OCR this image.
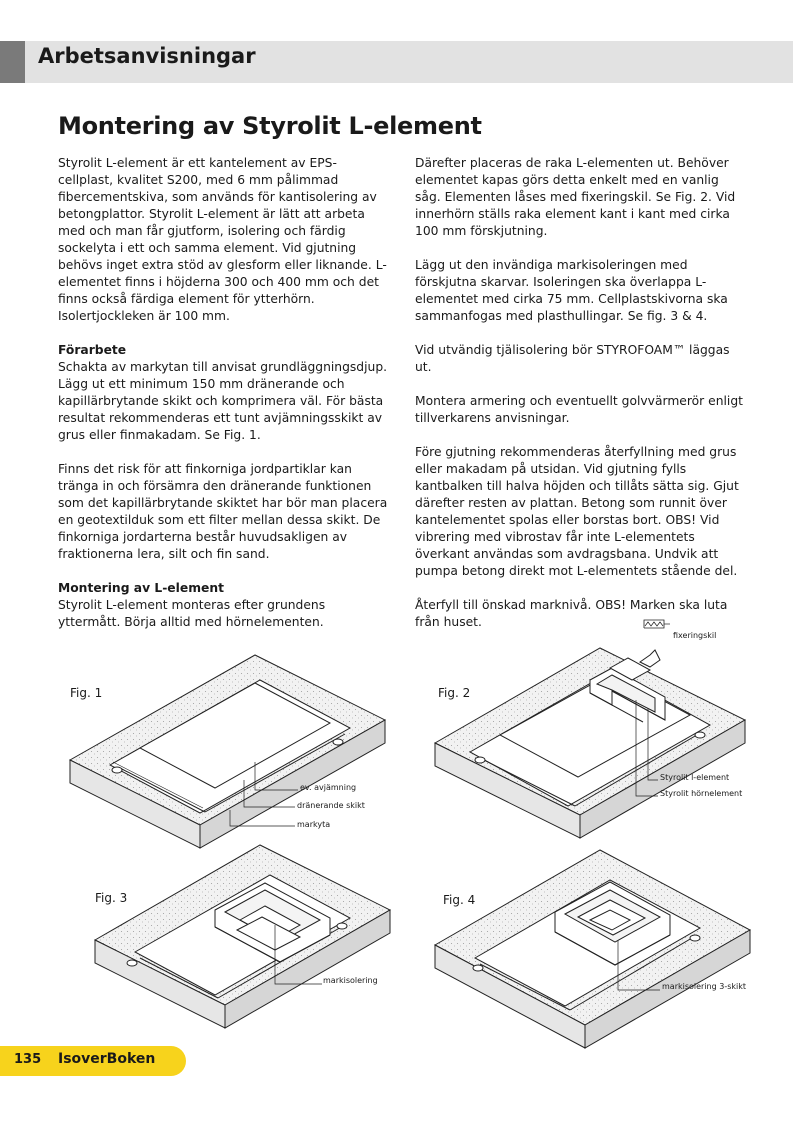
Arbetsanvisningar
Montering av Styrolit L-element

Styrolit L-element är ett kantelement av EPS-cellplast, kvalitet S200, med 6 mm pålimmad fibercementskiva, som används för kantisolering av betongplattor. Styrolit L-element är lätt att arbeta med och man får gjutform, isolering och färdig sockelyta i ett och samma element. Vid gjutning behövs inget extra stöd av glesform eller liknande. L-elementet finns i höjderna 300 och 400 mm och det finns också färdiga element för ytterhörn. Isolertjockleken är 100 mm.

Förarbete
Schakta av markytan till anvisat grundläggningsdjup. Lägg ut ett minimum 150 mm dränerande och kapillärbrytande skikt och komprimera väl. För bästa resultat rekommenderas ett tunt avjämningsskikt av grus eller finmakadam. Se Fig. 1.

Finns det risk för att finkorniga jordpartiklar kan tränga in och försämra den dränerande funktionen som det kapillärbrytande skiktet har bör man placera en geotextilduk som ett filter mellan dessa skikt. De finkorniga jordarterna består huvudsakligen av fraktionerna lera, silt och fin sand.

Montering av L-element
Styrolit L-element monteras efter grundens yttermått. Börja alltid med hörnelementen.

Därefter placeras de raka L-elementen ut. Behöver elementet kapas görs detta enkelt med en vanlig såg. Elementen låses med fixeringskil. Se Fig. 2. Vid innerhörn ställs raka element kant i kant med cirka 100 mm förskjutning.

Lägg ut den invändiga markisoleringen med förskjutna skarvar. Isoleringen ska överlappa L-elementet med cirka 75 mm. Cellplastskivorna ska sammanfogas med plasthullingar. Se fig. 3 & 4.

Vid utvändig tjälisolering bör STYROFOAM™ läggas ut.

Montera armering och eventuellt golvvärmerör enligt tillverkarens anvisningar.

Före gjutning rekommenderas återfyllning med grus eller makadam på utsidan. Vid gjutning fylls kantbalken till halva höjden och tillåts sätta sig. Gjut därefter resten av plattan. Betong som runnit över kantelementet spolas eller borstas bort. OBS! Vid vibrering med vibrostav får inte L-elementets överkant användas som avdragsbana. Undvik att pumpa betong direkt mot L-elementets stående del.

Återfyll till önskad marknivå. OBS! Marken ska luta från huset.

Fig. 1
ev. avjämning
dränerande skikt
markyta
Fig. 2
fixeringskil
Styrolit l-element
Styrolit hörnelement
Fig. 3
markisolering
Fig. 4
markisolering 3-skikt
135 IsoverBoken
